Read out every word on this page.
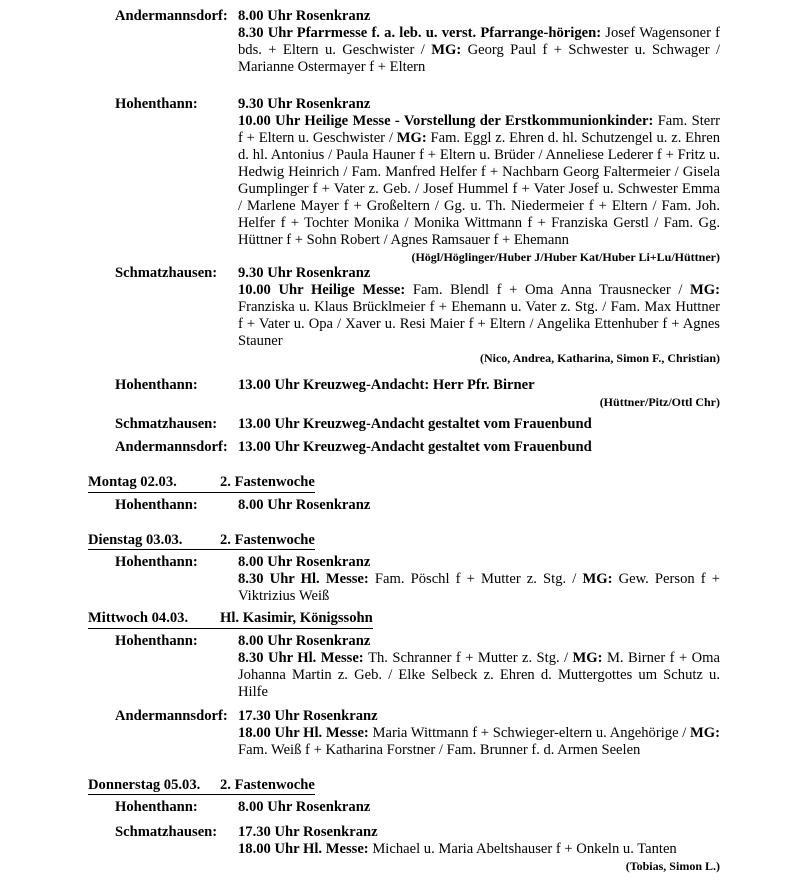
Andermannsdorf: 8.00 Uhr Rosenkranz
8.30 Uhr Pfarrmesse f. a. leb. u. verst. Pfarrange-hörigen: Josef Wagensoner f bds. + Eltern u. Geschwister / MG: Georg Paul f + Schwester u. Schwager / Marianne Ostermayer f + Eltern
Hohenthann:	9.30 Uhr Rosenkranz
10.00 Uhr Heilige Messe - Vorstellung der Erstkommunionkinder: Fam. Sterr f + Eltern u. Geschwister / MG: Fam. Eggl z. Ehren d. hl. Schutzengel u. z. Ehren d. hl. Antonius / Paula Hauner f + Eltern u. Brüder / Anneliese Lederer f + Fritz u. Hedwig Heinrich / Fam. Manfred Helfer f + Nachbarn Georg Faltermeier / Gisela Gumplinger f + Vater z. Geb. / Josef Hummel f + Vater Josef u. Schwester Emma / Marlene Mayer f + Großeltern / Gg. u. Th. Niedermeier f + Eltern / Fam. Joh. Helfer f + Tochter Monika / Monika Wittmann f + Franziska Gerstl / Fam. Gg. Hüttner f + Sohn Robert / Agnes Ramsauer f + Ehemann
(Högl/Höglinger/Huber J/Huber Kat/Huber Li+Lu/Hüttner)
Schmatzhausen:	9.30 Uhr Rosenkranz
10.00 Uhr Heilige Messe: Fam. Blendl f + Oma Anna Trausnecker / MG: Franziska u. Klaus Brücklmeier f + Ehemann u. Vater z. Stg. / Fam. Max Huttner f + Vater u. Opa / Xaver u. Resi Maier f + Eltern / Angelika Ettenhuber f + Agnes Stauner
(Nico, Andrea, Katharina, Simon F., Christian)
Hohenthann:	13.00 Uhr Kreuzweg-Andacht: Herr Pfr. Birner
(Hüttner/Pitz/Ottl Chr)
Schmatzhausen:	13.00 Uhr Kreuzweg-Andacht gestaltet vom Frauenbund
Andermannsdorf: 13.00 Uhr Kreuzweg-Andacht gestaltet vom Frauenbund
Montag 02.03.	2. Fastenwoche
Hohenthann:	8.00 Uhr Rosenkranz
Dienstag 03.03.	2. Fastenwoche
Hohenthann:	8.00 Uhr Rosenkranz
8.30 Uhr Hl. Messe: Fam. Pöschl f + Mutter z. Stg. / MG: Gew. Person f + Viktrizius Weiß
Mittwoch 04.03. Hl. Kasimir, Königssohn
Hohenthann:	8.00 Uhr Rosenkranz
8.30 Uhr Hl. Messe: Th. Schranner f + Mutter z. Stg. / MG: M. Birner f + Oma Johanna Martin z. Geb. / Elke Selbeck z. Ehren d. Muttergottes um Schutz u. Hilfe
Andermannsdorf: 17.30 Uhr Rosenkranz
18.00 Uhr Hl. Messe: Maria Wittmann f + Schwieger-eltern u. Angehörige / MG: Fam. Weiß f + Katharina Forstner / Fam. Brunner f. d. Armen Seelen
Donnerstag 05.03. 2. Fastenwoche
Hohenthann:	8.00 Uhr Rosenkranz
Schmatzhausen:	17.30 Uhr Rosenkranz
18.00 Uhr Hl. Messe: Michael u. Maria Abeltshauser f + Onkeln u. Tanten
(Tobias, Simon L.)
